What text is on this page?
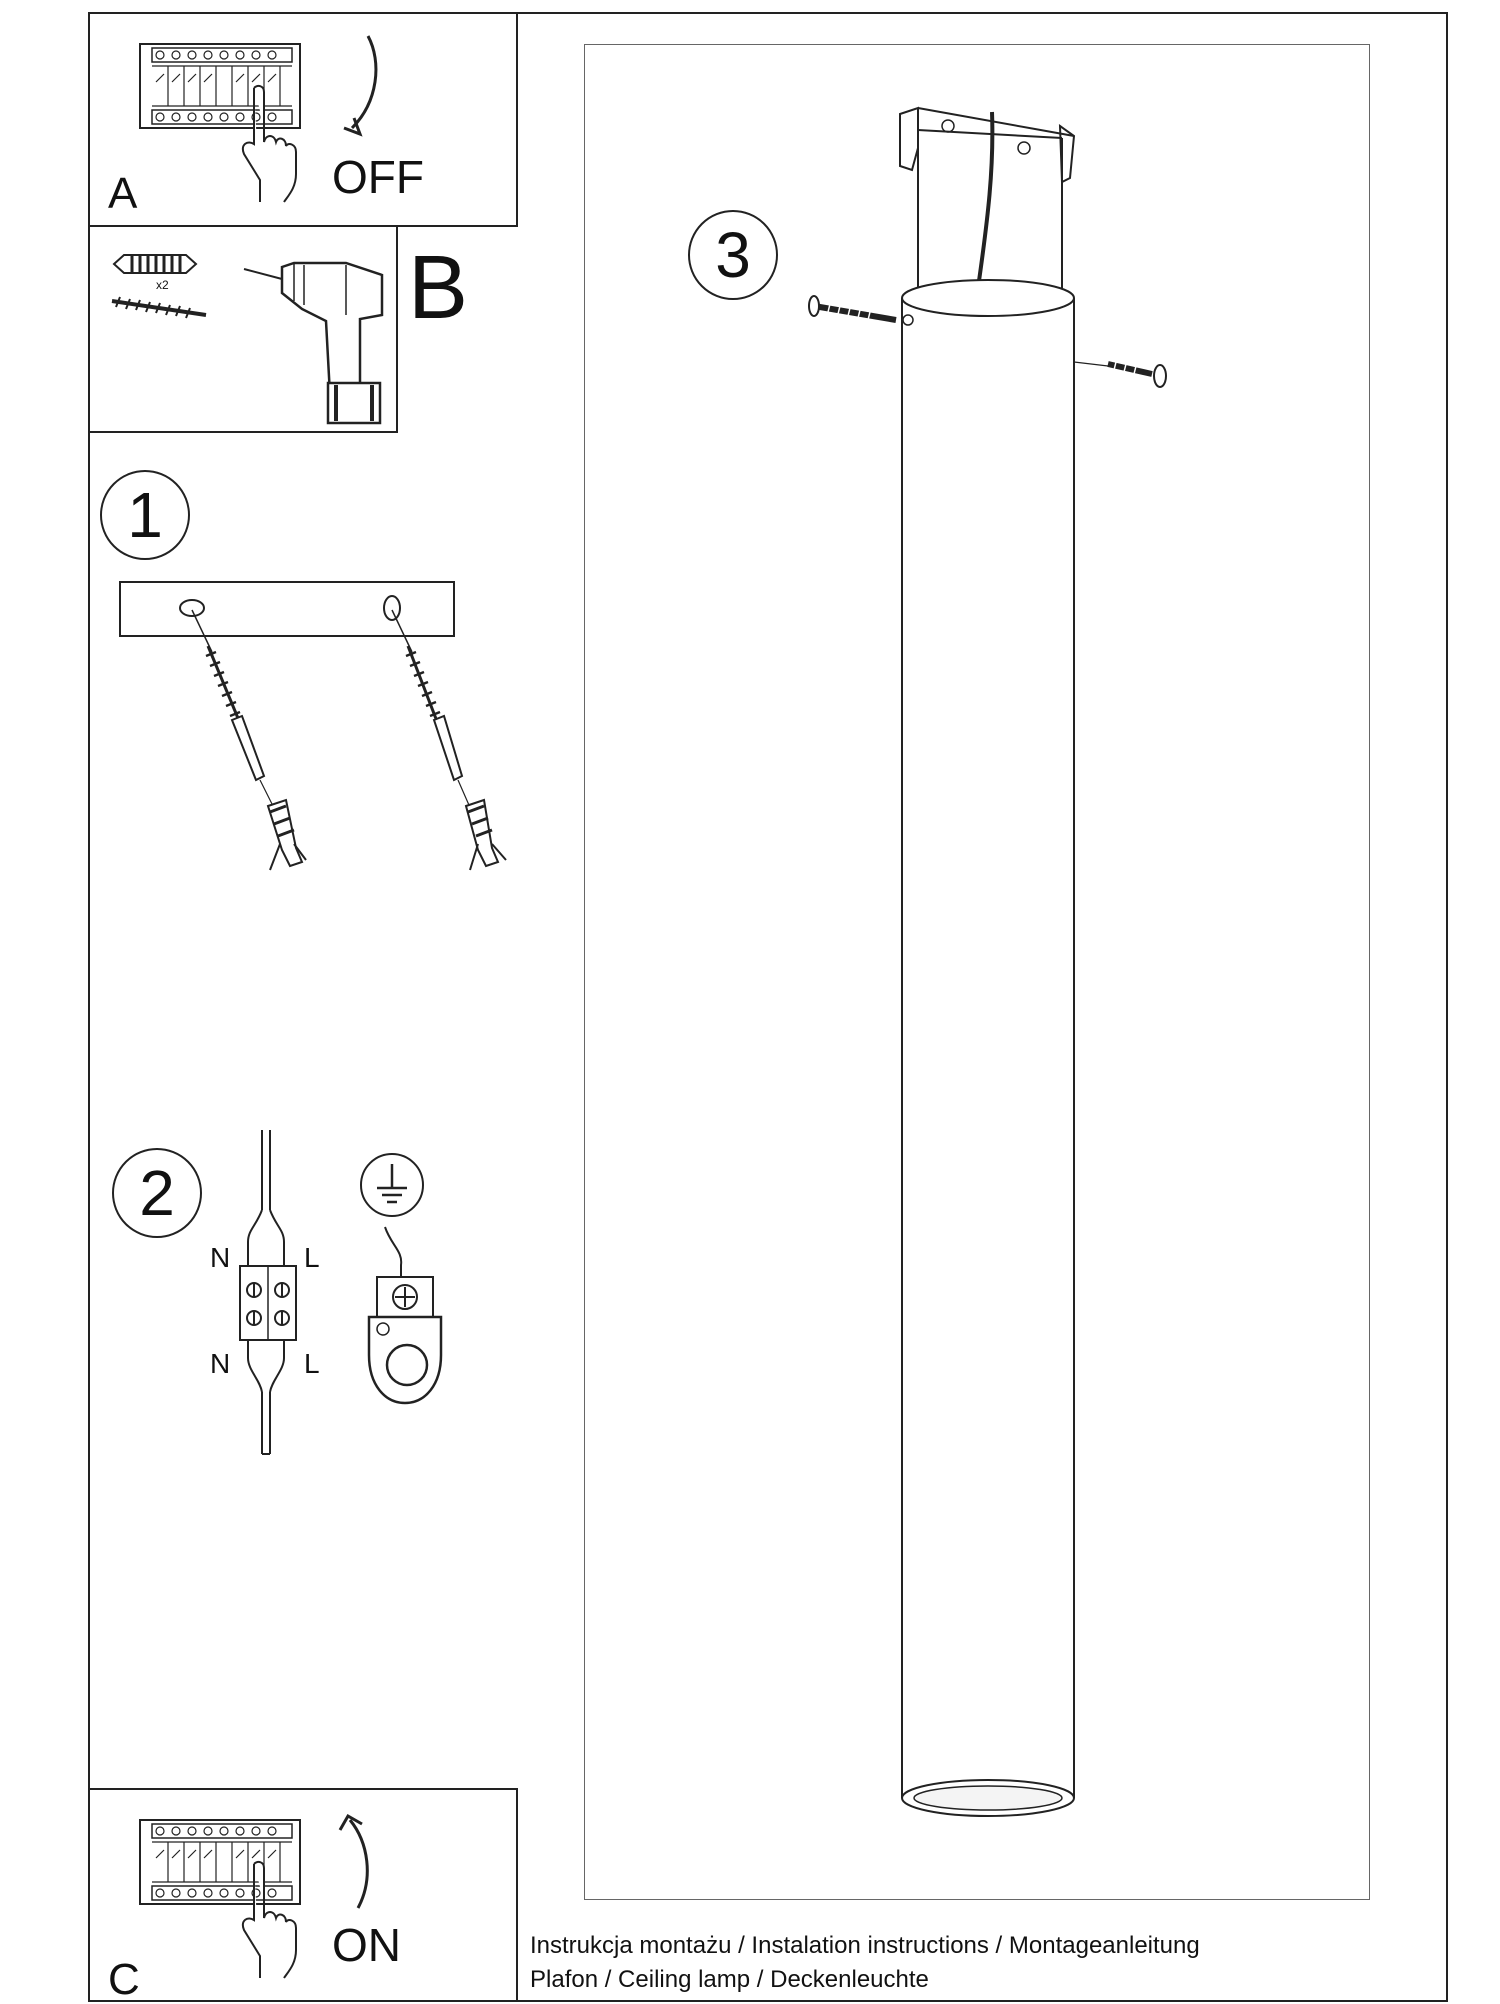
OFF
A
x2	B
1
2
N	L
N	L
3
ON
C
Instrukcja montażu / Instalation instructions / Montageanleitung
Plafon / Ceiling lamp / Deckenleuchte
